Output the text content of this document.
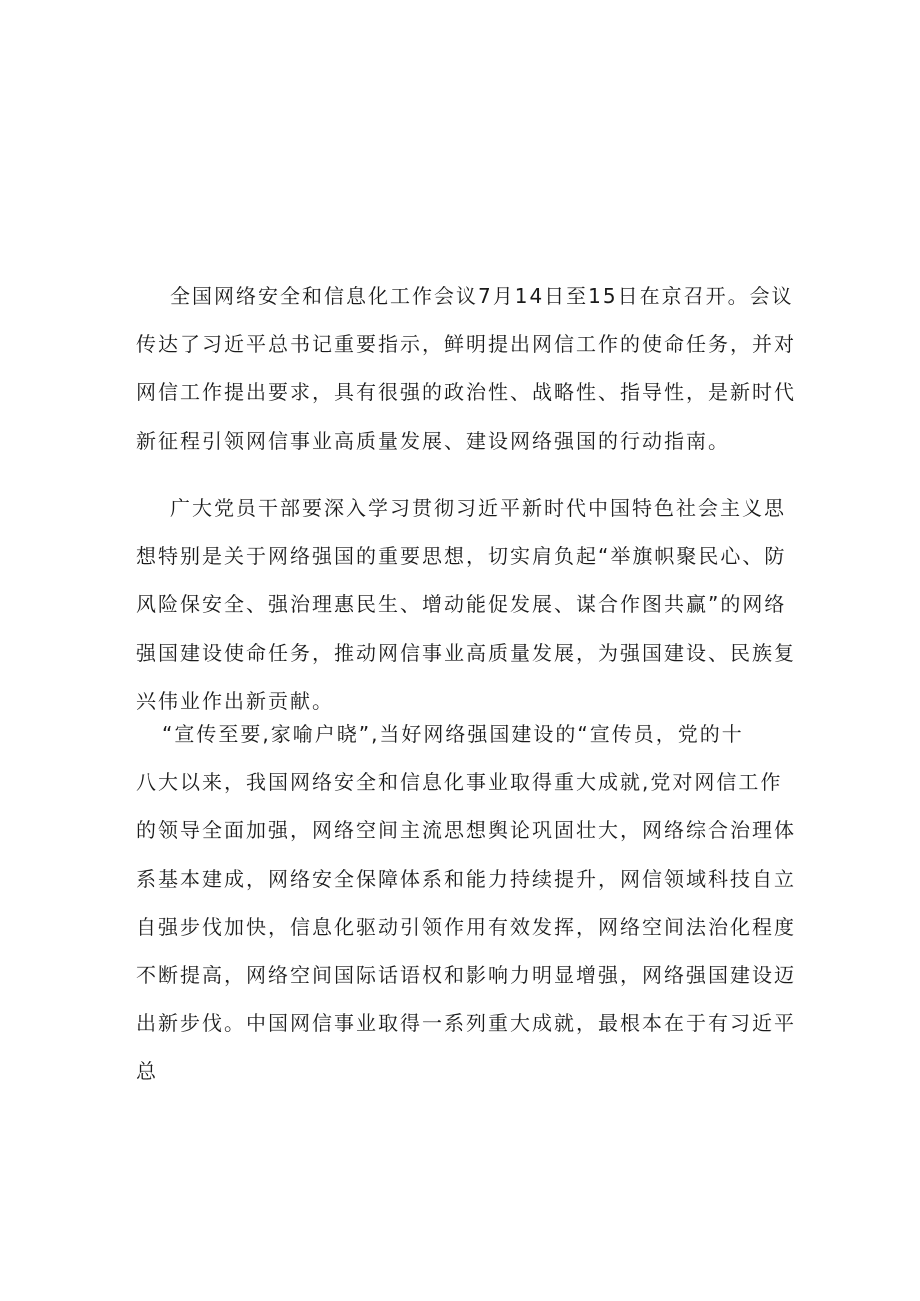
全国网络安全和信息化工作会议7月14日至15日在京召开。会议
传达了习近平总书记重要指示，鲜明提出网信工作的使命任务，并对
网信工作提出要求，具有很强的政治性、战略性、指导性，是新时代
新征程引领网信事业高质量发展、建设网络强国的行动指南。

广大党员干部要深入学习贯彻习近平新时代中国特色社会主义思
想特别是关于网络强国的重要思想，切实肩负起“举旗帜聚民心、防
风险保安全、强治理惠民生、增动能促发展、谋合作图共赢”的网络
强国建设使命任务，推动网信事业高质量发展，为强国建设、民族复
兴伟业作出新贡献。

“宣传至要,家喻户晓”,当好网络强国建设的“宣传员，党的十
八大以来，我国网络安全和信息化事业取得重大成就,党对网信工作
的领导全面加强，网络空间主流思想舆论巩固壮大，网络综合治理体
系基本建成，网络安全保障体系和能力持续提升，网信领域科技自立
自强步伐加快，信息化驱动引领作用有效发挥，网络空间法治化程度
不断提高，网络空间国际话语权和影响力明显增强，网络强国建设迈
出新步伐。中国网信事业取得一系列重大成就，最根本在于有习近平
总
